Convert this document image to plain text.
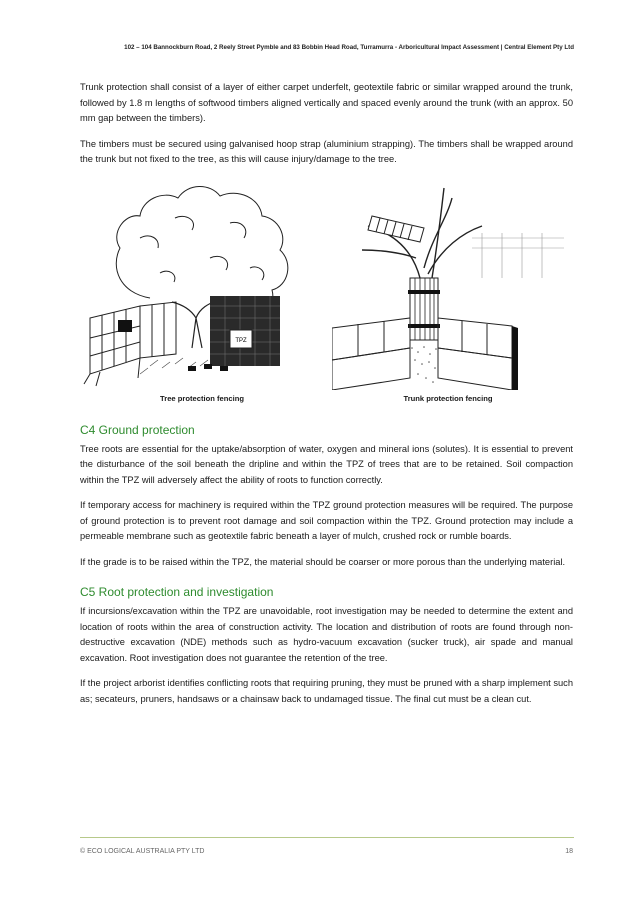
102 – 104 Bannockburn Road, 2 Reely Street Pymble and 83 Bobbin Head Road, Turramurra - Arboricultural Impact Assessment | Central Element Pty Ltd

Trunk protection shall consist of a layer of either carpet underfelt, geotextile fabric or similar wrapped around the trunk, followed by 1.8 m lengths of softwood timbers aligned vertically and spaced evenly around the trunk (with an approx. 50 mm gap between the timbers).

The timbers must be secured using galvanised hoop strap (aluminium strapping). The timbers shall be wrapped around the trunk but not fixed to the tree, as this will cause injury/damage to the tree.

TPZ
Tree protection fencing	Trunk protection fencing
C4 Ground protection

Tree roots are essential for the uptake/absorption of water, oxygen and mineral ions (solutes). It is essential to prevent the disturbance of the soil beneath the dripline and within the TPZ of trees that are to be retained. Soil compaction within the TPZ will adversely affect the ability of roots to function correctly.

If temporary access for machinery is required within the TPZ ground protection measures will be required. The purpose of ground protection is to prevent root damage and soil compaction within the TPZ. Ground protection may include a permeable membrane such as geotextile fabric beneath a layer of mulch, crushed rock or rumble boards.

If the grade is to be raised within the TPZ, the material should be coarser or more porous than the underlying material.

C5 Root protection and investigation

If incursions/excavation within the TPZ are unavoidable, root investigation may be needed to determine the extent and location of roots within the area of construction activity. The location and distribution of roots are found through non-destructive excavation (NDE) methods such as hydro-vacuum excavation (sucker truck), air spade and manual excavation. Root investigation does not guarantee the retention of the tree.

If the project arborist identifies conflicting roots that requiring pruning, they must be pruned with a sharp implement such as; secateurs, pruners, handsaws or a chainsaw back to undamaged tissue. The final cut must be a clean cut.

© ECO LOGICAL AUSTRALIA PTY LTD	18
